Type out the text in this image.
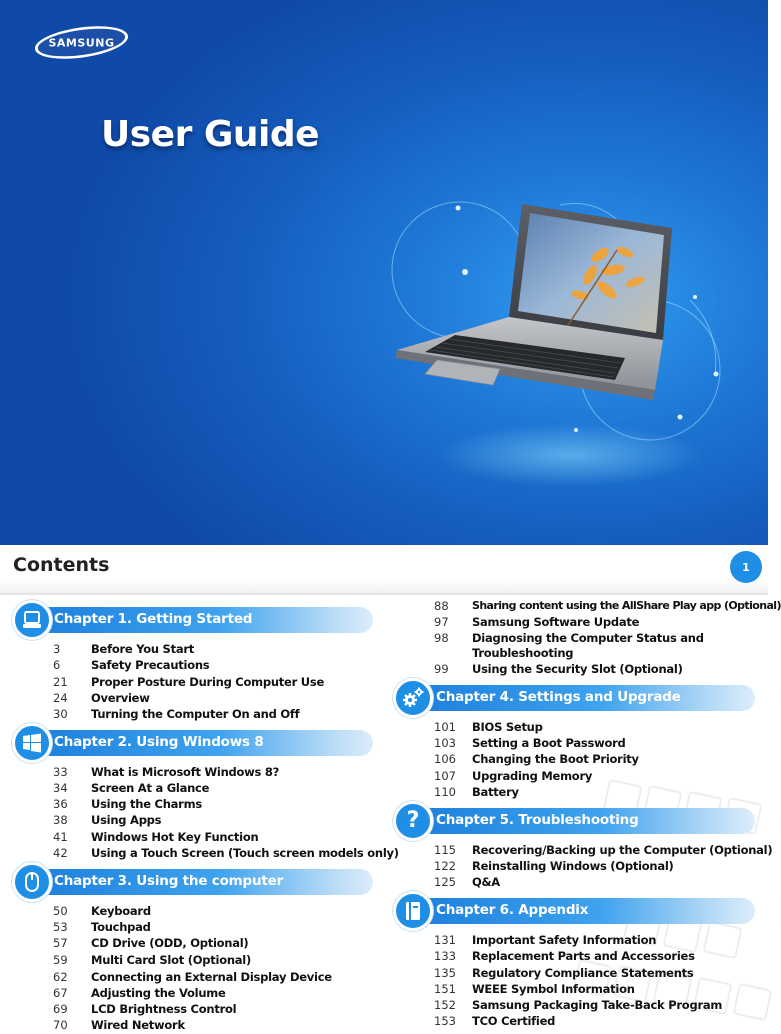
SAMSUNG
User Guide
Contents	1
Chapter 1. Getting Started
3	Before You Start
6	Safety Precautions
21	Proper Posture During Computer Use
24	Overview
30	Turning the Computer On and Off
Chapter 2. Using Windows 8
33	What is Microsoft Windows 8?
34	Screen At a Glance
36	Using the Charms
38	Using Apps
41	Windows Hot Key Function
42	Using a Touch Screen (Touch screen models only)
Chapter 3. Using the computer
50	Keyboard
53	Touchpad
57	CD Drive (ODD, Optional)
59	Multi Card Slot (Optional)
62	Connecting an External Display Device
67	Adjusting the Volume
69	LCD Brightness Control
70	Wired Network
88	Sharing content using the AllShare Play app (Optional)
97	Samsung Software Update
98	Diagnosing the Computer Status and Troubleshooting
99	Using the Security Slot (Optional)
Chapter 4. Settings and Upgrade
101	BIOS Setup
103	Setting a Boot Password
106	Changing the Boot Priority
107	Upgrading Memory
110	Battery
Chapter 5. Troubleshooting
?
115	Recovering/Backing up the Computer (Optional)
122	Reinstalling Windows (Optional)
125	Q&A
Chapter 6. Appendix
131	Important Safety Information
133	Replacement Parts and Accessories
135	Regulatory Compliance Statements
151	WEEE Symbol Information
152	Samsung Packaging Take-Back Program
153	TCO Certified
